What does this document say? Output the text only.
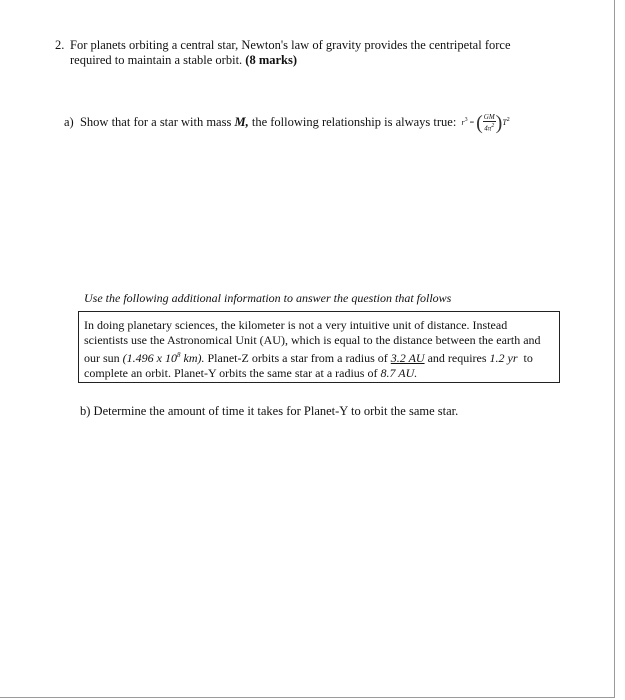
2. For planets orbiting a central star, Newton's law of gravity provides the centripetal force
required to maintain a stable orbit. (8 marks)
a) Show that for a star with mass M, the following relationship is always true: $r^3$ = ( $\frac{GM}{4\pi^2} )T^2$
Use the following additional information to answer the question that follows

In doing planetary sciences, the kilometer is not a very intuitive unit of distance. Instead

scientists use the Astronomical Unit (AU), which is equal to the distance between the earth and

our sun (1.496 x $10^8$ km). Planet-Z orbits a star from a radius of 3.2 AU and requires 1.2 yr to

complete an orbit. Planet-Y orbits the same star at a radius of 8.7 AU.

b) Determine the amount of time it takes for Planet-Y to orbit the same star.
